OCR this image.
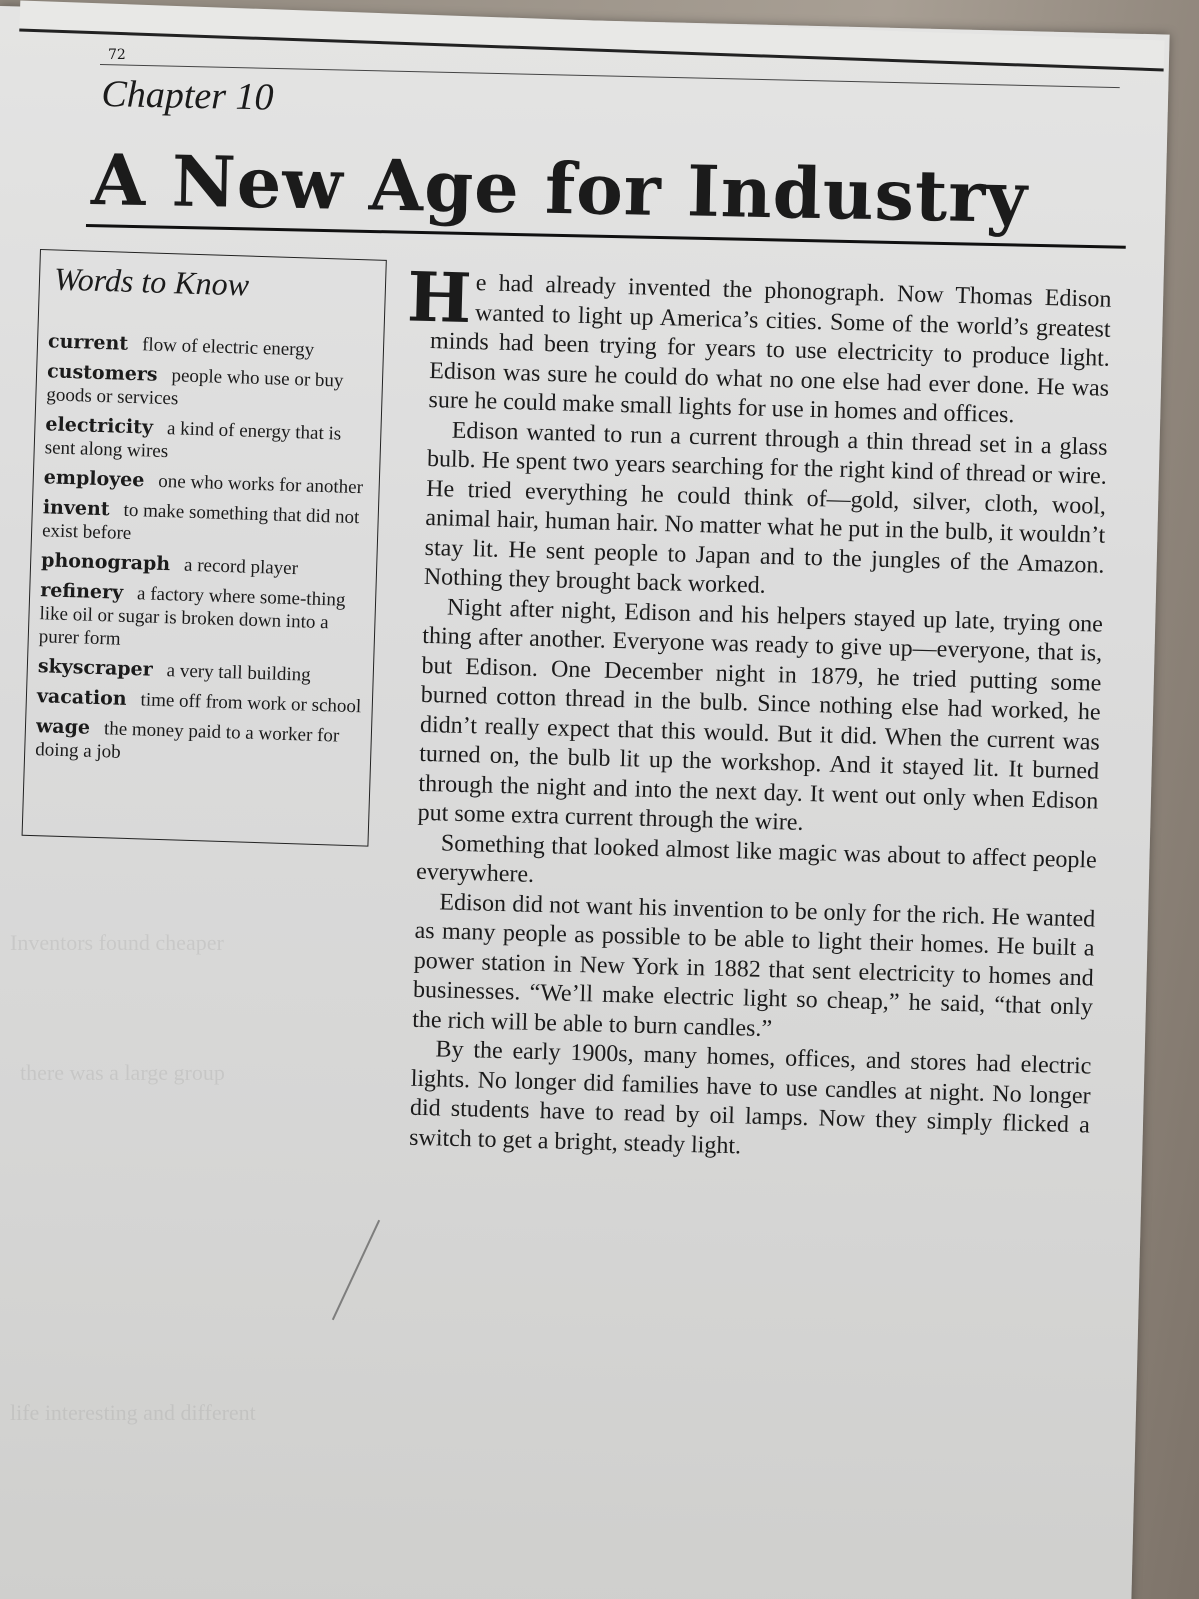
Inventors found cheaper
there was a large group
life interesting and different
72
Chapter 10
A New Age for Industry
Words to Know
current flow of electric energy
customers people who use or buy goods or services
electricity a kind of energy that is sent along wires
employee one who works for another
invent to make something that did not exist before
phonograph a record player
refinery a factory where some-thing like oil or sugar is broken down into a purer form
skyscraper a very tall building
vacation time off from work or school
wage the money paid to a worker for doing a job

He had already invented the phonograph. Now Thomas Edison wanted to light up America’s cities. Some of the world’s greatest minds had been trying for years to use electricity to produce light. Edison was sure he could do what no one else had ever done. He was sure he could make small lights for use in homes and offices.

Edison wanted to run a current through a thin thread set in a glass bulb. He spent two years searching for the right kind of thread or wire. He tried everything he could think of—gold, silver, cloth, wool, animal hair, human hair. No matter what he put in the bulb, it wouldn’t stay lit. He sent people to Japan and to the jungles of the Amazon. Nothing they brought back worked.

Night after night, Edison and his helpers stayed up late, trying one thing after another. Everyone was ready to give up—everyone, that is, but Edison. One December night in 1879, he tried putting some burned cotton thread in the bulb. Since nothing else had worked, he didn’t really expect that this would. But it did. When the current was turned on, the bulb lit up the workshop. And it stayed lit. It burned through the night and into the next day. It went out only when Edison put some extra current through the wire.

Something that looked almost like magic was about to affect people everywhere.

Edison did not want his invention to be only for the rich. He wanted as many people as possible to be able to light their homes. He built a power station in New York in 1882 that sent electricity to homes and businesses. “We’ll make electric light so cheap,” he said, “that only the rich will be able to burn candles.”

By the early 1900s, many homes, offices, and stores had electric lights. No longer did families have to use candles at night. No longer did students have to read by oil lamps. Now they simply flicked a switch to get a bright, steady light.
